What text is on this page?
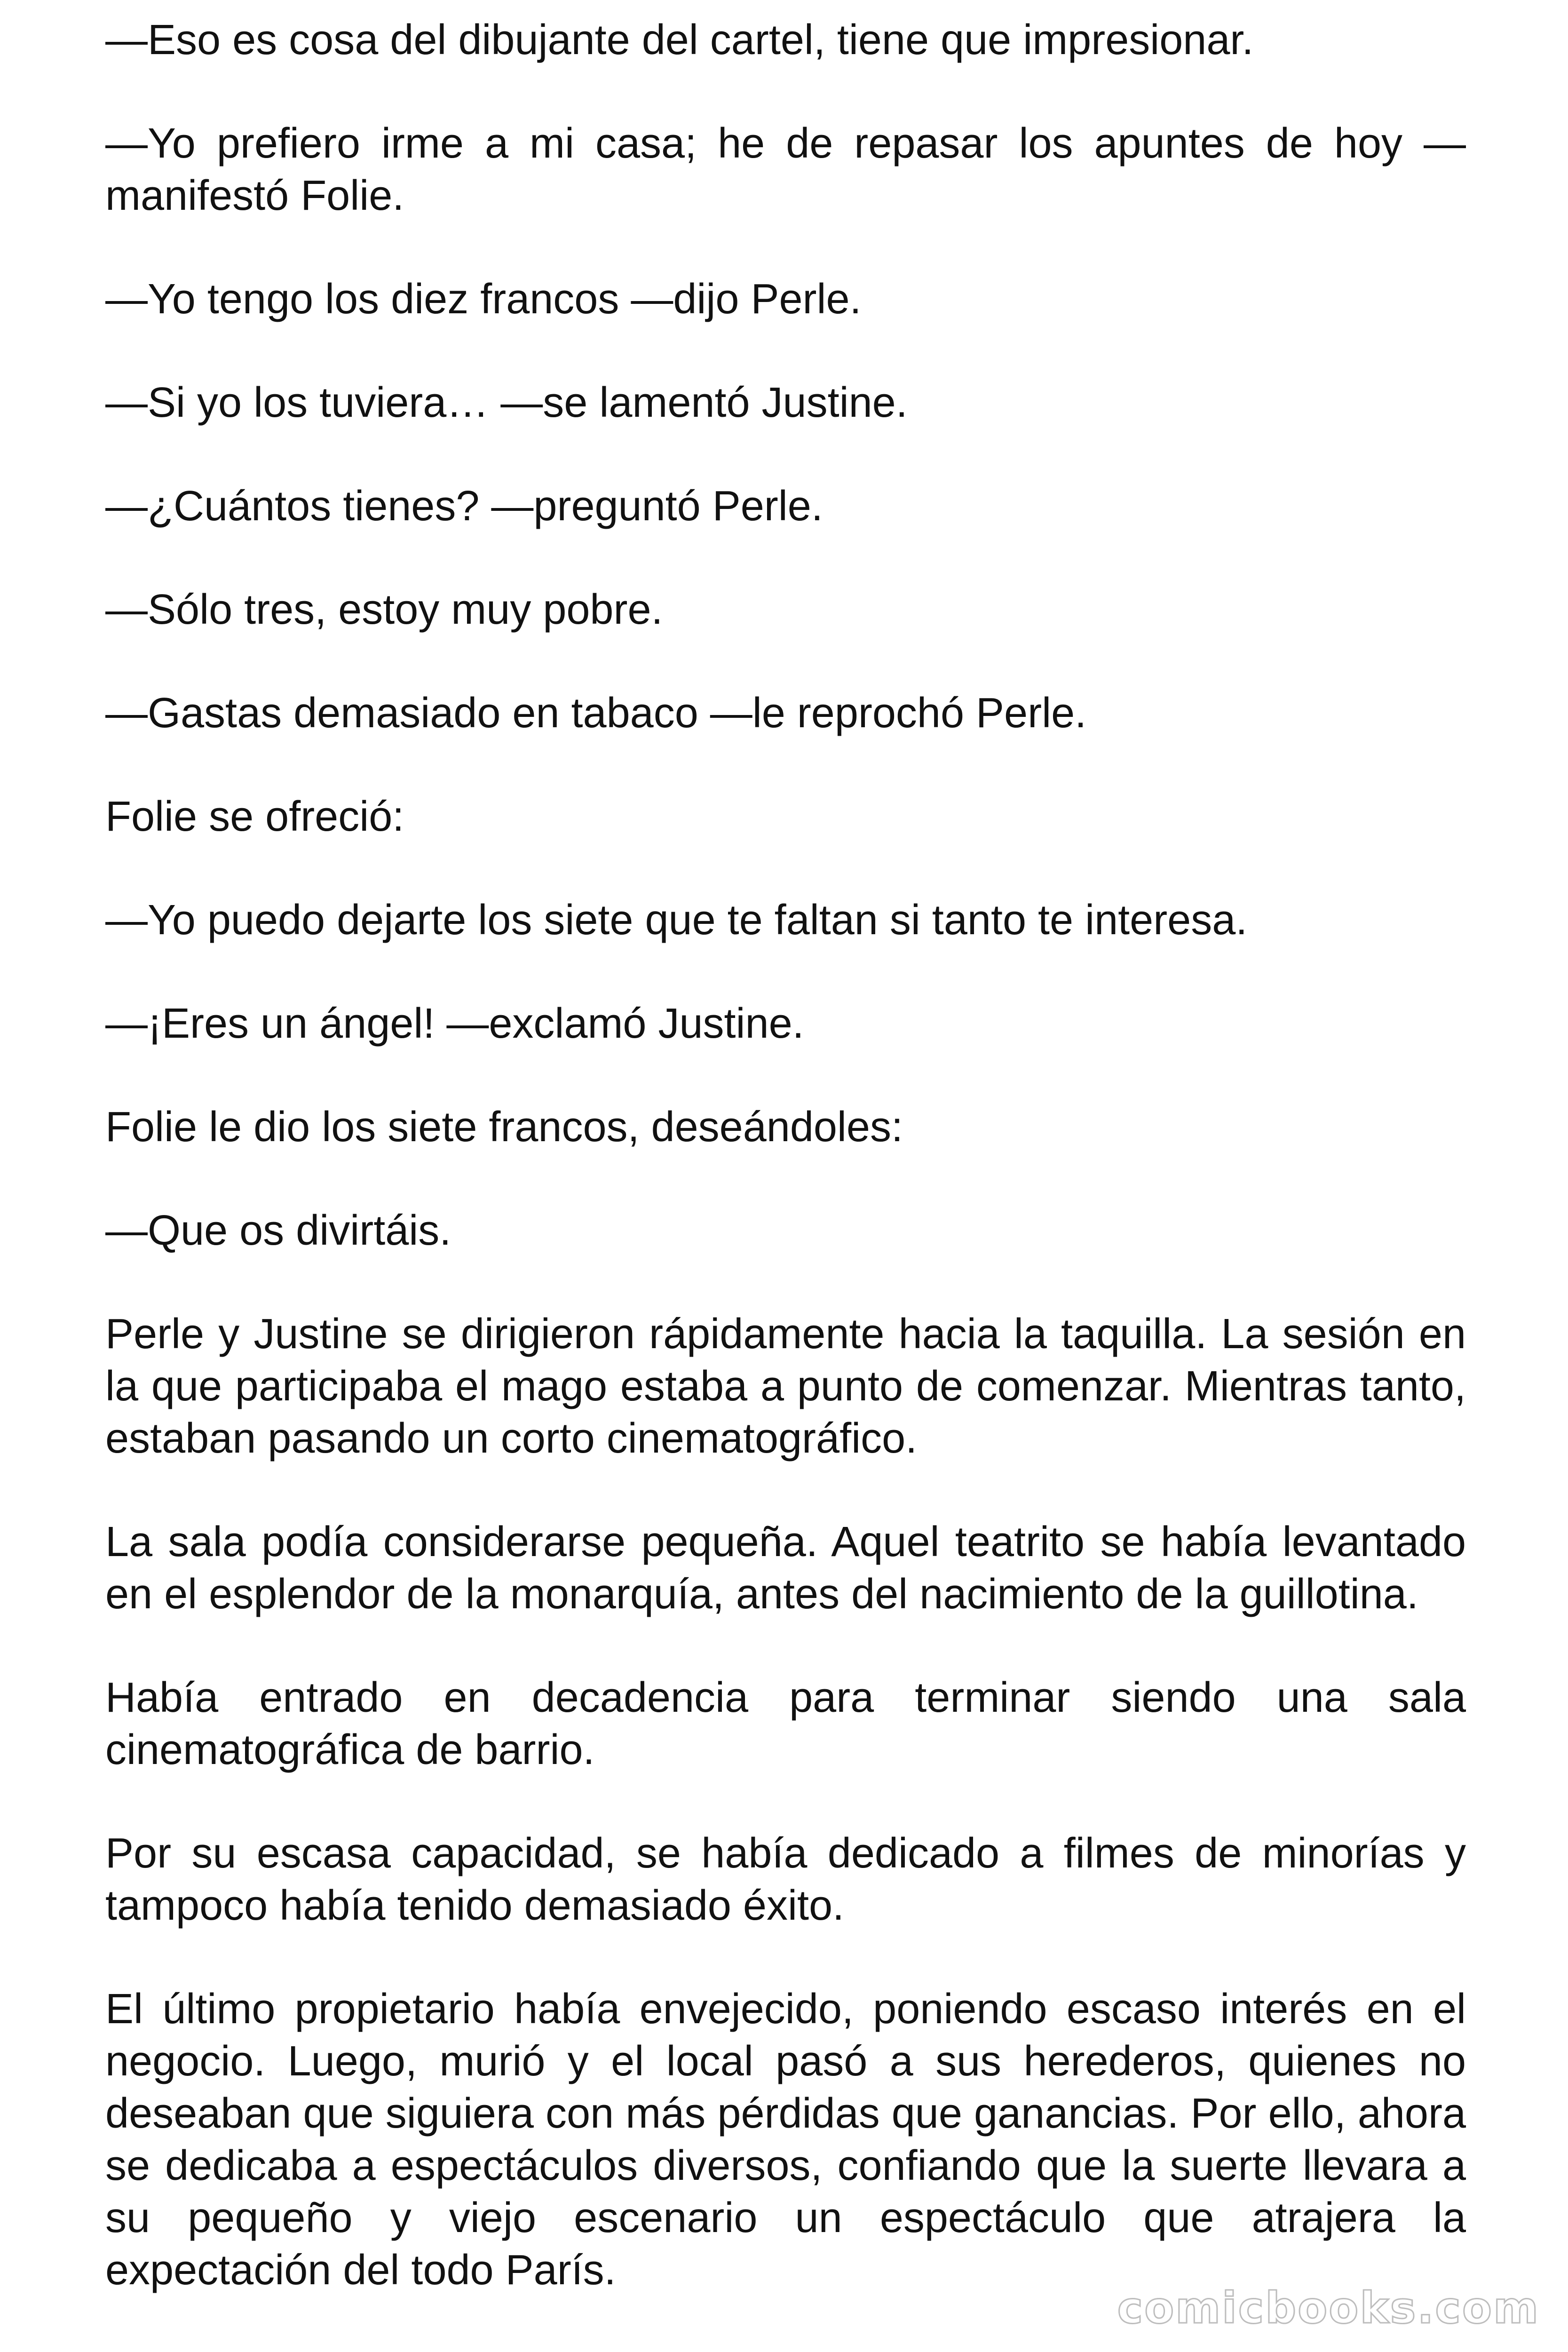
—Eso es cosa del dibujante del cartel, tiene que impresionar.

—Yo prefiero irme a mi casa; he de repasar los apuntes de hoy — manifestó Folie.

—Yo tengo los diez francos —dijo Perle.

—Si yo los tuviera… —se lamentó Justine.

—¿Cuántos tienes? —preguntó Perle.

—Sólo tres, estoy muy pobre.

—Gastas demasiado en tabaco —le reprochó Perle.

Folie se ofreció:

—Yo puedo dejarte los siete que te faltan si tanto te interesa.

—¡Eres un ángel! —exclamó Justine.

Folie le dio los siete francos, deseándoles:

—Que os divirtáis.

Perle y Justine se dirigieron rápidamente hacia la taquilla. La sesión en la que participaba el mago estaba a punto de comenzar. Mientras tanto, estaban pasando un corto cinematográfico.

La sala podía considerarse pequeña. Aquel teatrito se había levantado en el esplendor de la monarquía, antes del nacimiento de la guillotina.

Había entrado en decadencia para terminar siendo una sala cinematográfica de barrio.

Por su escasa capacidad, se había dedicado a filmes de minorías y tampoco había tenido demasiado éxito.

El último propietario había envejecido, poniendo escaso interés en el negocio. Luego, murió y el local pasó a sus herederos, quienes no deseaban que siguiera con más pérdidas que ganancias. Por ello, ahora se dedicaba a espectáculos diversos, confiando que la suerte llevara a su pequeño y viejo escenario un espectáculo que atrajera la expectación del todo París.

comicbooks.com
